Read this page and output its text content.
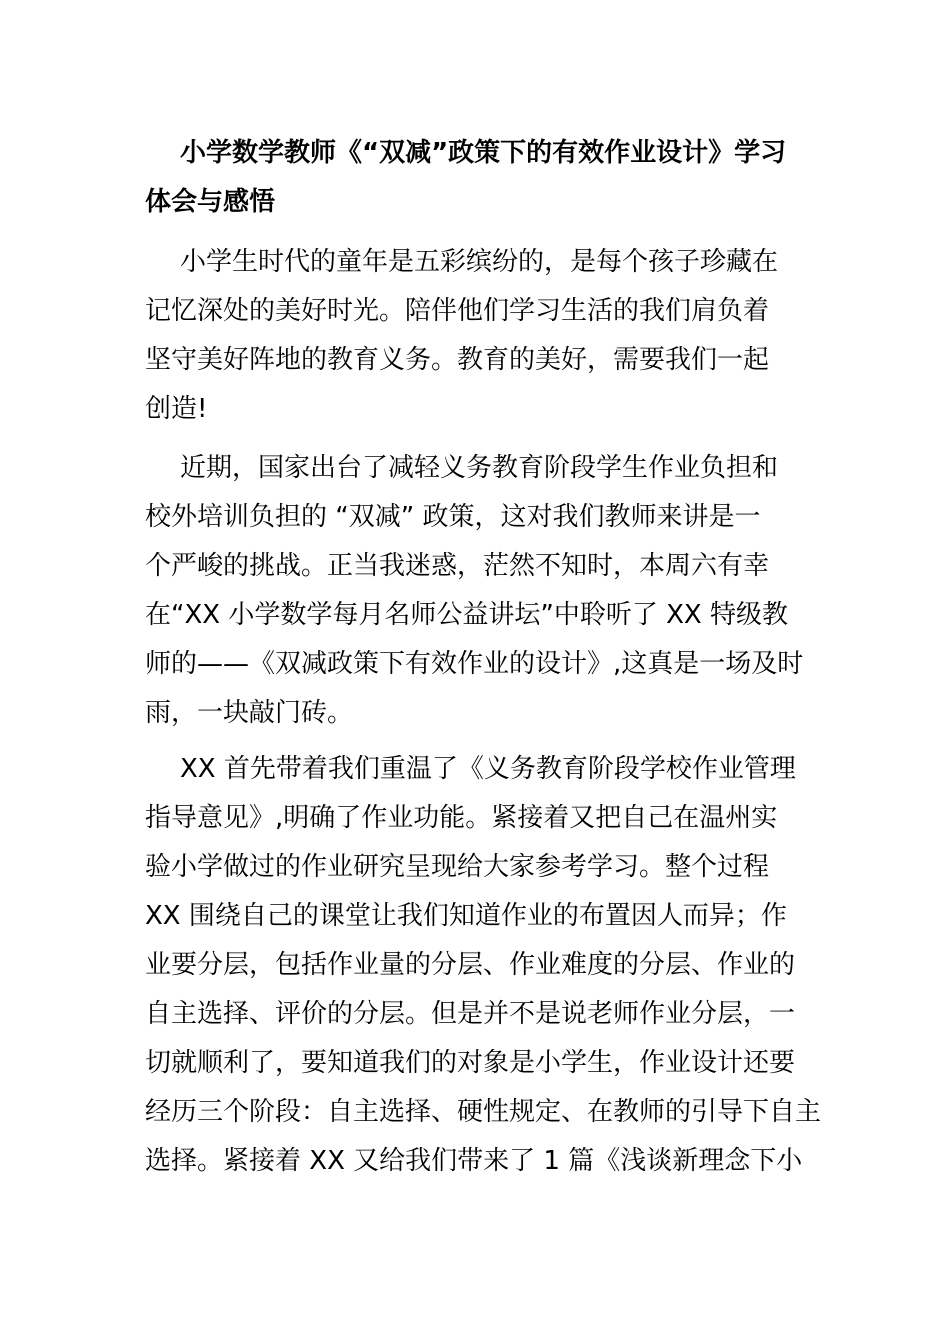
小学数学教师《“双减”政策下的有效作业设计》学习
体会与感悟
小学生时代的童年是五彩缤纷的，是每个孩子珍藏在
记忆深处的美好时光。陪伴他们学习生活的我们肩负着
坚守美好阵地的教育义务。教育的美好，需要我们一起
创造!
近期，国家出台了减轻义务教育阶段学生作业负担和
校外培训负担的 “双减” 政策，这对我们教师来讲是一
个严峻的挑战。正当我迷惑，茫然不知时，本周六有幸
在“XX 小学数学每月名师公益讲坛”中聆听了 XX 特级教
师的——《双减政策下有效作业的设计》,这真是一场及时
雨，一块敲门砖。
XX 首先带着我们重温了《义务教育阶段学校作业管理
指导意见》,明确了作业功能。紧接着又把自己在温州实
验小学做过的作业研究呈现给大家参考学习。整个过程
XX 围绕自己的课堂让我们知道作业的布置因人而异；作
业要分层，包括作业量的分层、作业难度的分层、作业的
自主选择、评价的分层。但是并不是说老师作业分层，一
切就顺利了，要知道我们的对象是小学生，作业设计还要
经历三个阶段：自主选择、硬性规定、在教师的引导下自主
选择。紧接着 XX 又给我们带来了 1 篇《浅谈新理念下小
